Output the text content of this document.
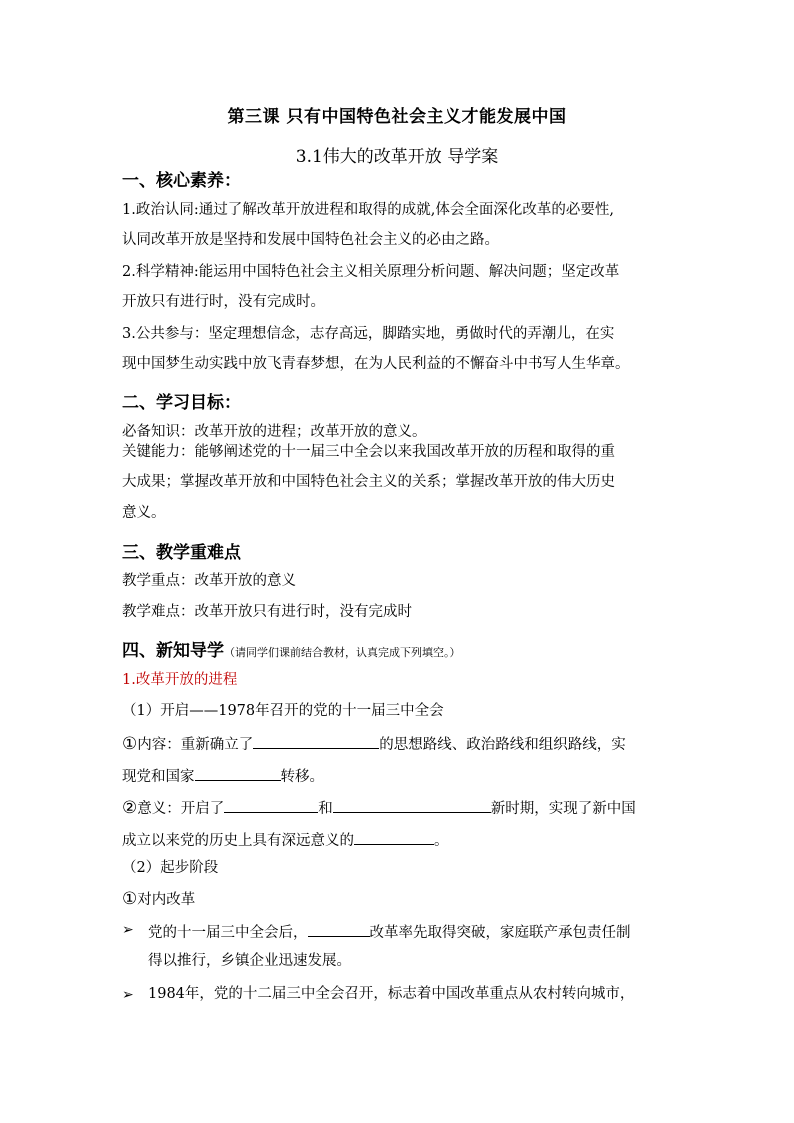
第三课 只有中国特色社会主义才能发展中国
3.1伟大的改革开放 导学案
一、核心素养：
1.政治认同:通过了解改革开放进程和取得的成就,体会全面深化改革的必要性,
认同改革开放是坚持和发展中国特色社会主义的必由之路。
2.科学精神:能运用中国特色社会主义相关原理分析问题、解决问题；坚定改革
开放只有进行时，没有完成时。
3.公共参与：坚定理想信念，志存高远，脚踏实地，勇做时代的弄潮儿，在实
现中国梦生动实践中放飞青春梦想，在为人民利益的不懈奋斗中书写人生华章。
二、学习目标：
必备知识：改革开放的进程；改革开放的意义。
关键能力：能够阐述党的十一届三中全会以来我国改革开放的历程和取得的重
大成果；掌握改革开放和中国特色社会主义的关系；掌握改革开放的伟大历史
意义。
三、教学重难点
教学重点：改革开放的意义
教学难点：改革开放只有进行时，没有完成时
四、新知导学（请同学们课前结合教材，认真完成下列填空。）
1.改革开放的进程
（1）开启——1978年召开的党的十一届三中全会
①内容：重新确立了	的思想路线、政治路线和组织路线，实
现党和国家	转移。
②意义：开启了	和	新时期，实现了新中国
成立以来党的历史上具有深远意义的	。
（2）起步阶段
①对内改革
➢ 党的十一届三中全会后，	改革率先取得突破，家庭联产承包责任制
得以推行，乡镇企业迅速发展。
➢ 1984年，党的十二届三中全会召开，标志着中国改革重点从农村转向城市，
